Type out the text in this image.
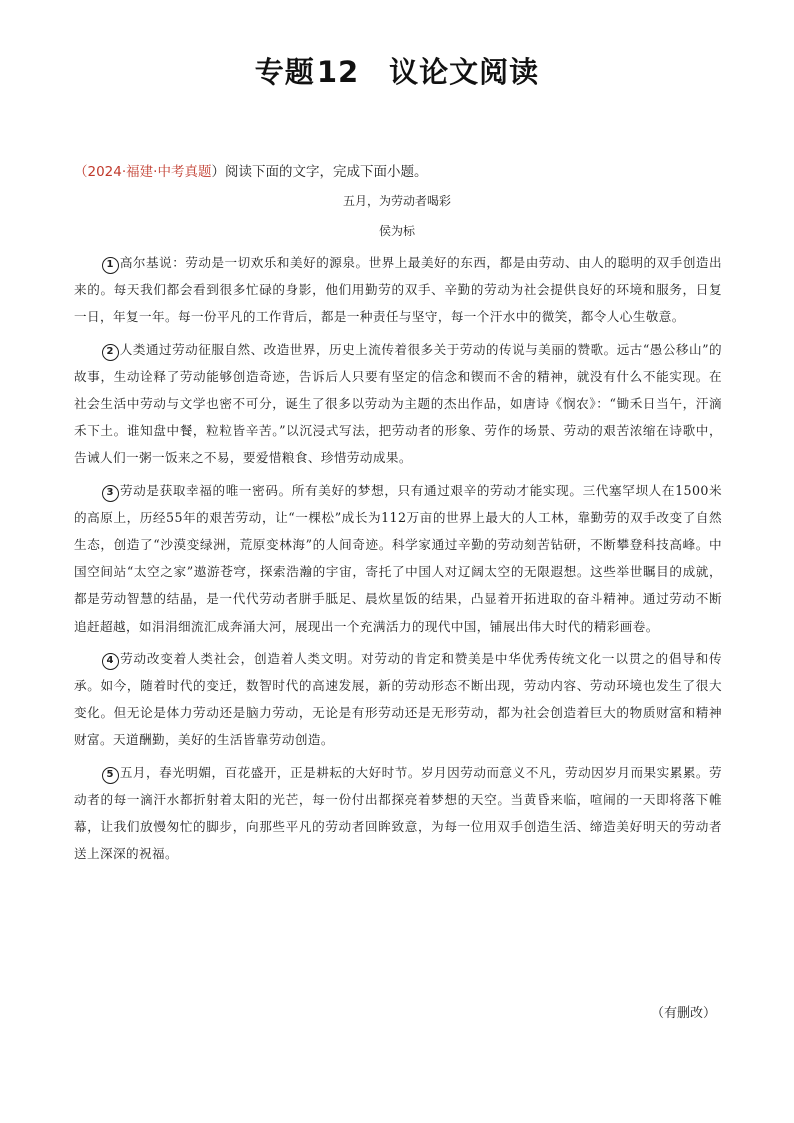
专题12 议论文阅读
（2024·福建·中考真题）阅读下面的文字，完成下面小题。
五月，为劳动者喝彩
侯为标

1 高尔基说：劳动是一切欢乐和美好的源泉。世界上最美好的东西，都是由劳动、由人的聪明的双手创造出来的。每天我们都会看到很多忙碌的身影，他们用勤劳的双手、辛勤的劳动为社会提供良好的环境和服务，日复一日，年复一年。每一份平凡的工作背后，都是一种责任与坚守，每一个汗水中的微笑，都令人心生敬意。

2 人类通过劳动征服自然、改造世界，历史上流传着很多关于劳动的传说与美丽的赞歌。远古“愚公移山”的故事，生动诠释了劳动能够创造奇迹，告诉后人只要有坚定的信念和锲而不舍的精神，就没有什么不能实现。在社会生活中劳动与文学也密不可分，诞生了很多以劳动为主题的杰出作品，如唐诗《悯农》：“锄禾日当午，汗滴禾下土。谁知盘中餐，粒粒皆辛苦。”以沉浸式写法，把劳动者的形象、劳作的场景、劳动的艰苦浓缩在诗歌中，告诫人们一粥一饭来之不易，要爱惜粮食、珍惜劳动成果。

3 劳动是获取幸福的唯一密码。所有美好的梦想，只有通过艰辛的劳动才能实现。三代塞罕坝人在1500米的高原上，历经55年的艰苦劳动，让“一棵松”成长为112万亩的世界上最大的人工林，靠勤劳的双手改变了自然生态，创造了“沙漠变绿洲，荒原变林海”的人间奇迹。科学家通过辛勤的劳动刻苦钻研，不断攀登科技高峰。中国空间站“太空之家”遨游苍穹，探索浩瀚的宇宙，寄托了中国人对辽阔太空的无限遐想。这些举世瞩目的成就，都是劳动智慧的结晶，是一代代劳动者胼手胝足、晨炊星饭的结果，凸显着开拓进取的奋斗精神。通过劳动不断追赶超越，如涓涓细流汇成奔涌大河，展现出一个充满活力的现代中国，铺展出伟大时代的精彩画卷。

4 劳动改变着人类社会，创造着人类文明。对劳动的肯定和赞美是中华优秀传统文化一以贯之的倡导和传承。如今，随着时代的变迁，数智时代的高速发展，新的劳动形态不断出现，劳动内容、劳动环境也发生了很大变化。但无论是体力劳动还是脑力劳动，无论是有形劳动还是无形劳动，都为社会创造着巨大的物质财富和精神财富。天道酬勤，美好的生活皆靠劳动创造。

5 五月，春光明媚，百花盛开，正是耕耘的大好时节。岁月因劳动而意义不凡，劳动因岁月而果实累累。劳动者的每一滴汗水都折射着太阳的光芒，每一份付出都探亮着梦想的天空。当黄昏来临，喧闹的一天即将落下帷幕，让我们放慢匆忙的脚步，向那些平凡的劳动者回眸致意，为每一位用双手创造生活、缔造美好明天的劳动者送上深深的祝福。

（有删改）
